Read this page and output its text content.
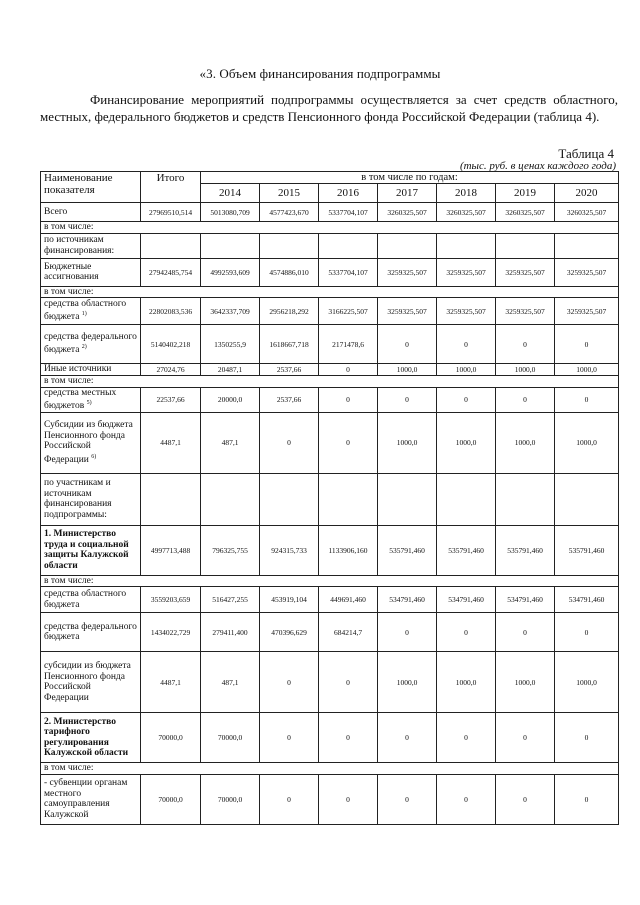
«3. Объем финансирования подпрограммы
Финансирование мероприятий подпрограммы осуществляется за счет средств областного, местных, федерального бюджетов и средств Пенсионного фонда Российской Федерации (таблица 4).
Таблица 4
(тыс. руб. в ценах каждого года)
Наименование показателя	Итого	в том числе по годам:						
		2014	2015	2016	2017	2018	2019	2020
Всего	27969510,514	5013080,709	4577423,670	5337704,107	3260325,507	3260325,507	3260325,507	3260325,507
в том числе:								
по источникам финансирования:								
Бюджетные ассигнования	27942485,754	4992593,609	4574886,010	5337704,107	3259325,507	3259325,507	3259325,507	3259325,507
в том числе:								
средства областного бюджета $^{1)}$	22802083,536	3642337,709	2956218,292	3166225,507	3259325,507	3259325,507	3259325,507	3259325,507
средства федерального бюджета $^{2)}$	5140402,218	1350255,9	1618667,718	2171478,6	0	0	0	0
Иные источники	27024,76	20487,1	2537,66	0	1000,0	1000,0	1000,0	1000,0
в том числе:								
средства местных бюджетов $^{5)}$	22537,66	20000,0	2537,66	0	0	0	0	0
Субсидии из бюджета Пенсионного фонда Российской Федерации $^{6)}$	4487,1	487,1	0	0	1000,0	1000,0	1000,0	1000,0
по участникам и источникам финансирования подпрограммы:								
1. Министерство труда и социальной защиты Калужской области	4997713,488	796325,755	924315,733	1133906,160	535791,460	535791,460	535791,460	535791,460
в том числе:								
средства областного бюджета	3559203,659	516427,255	453919,104	449691,460	534791,460	534791,460	534791,460	534791,460
средства федерального бюджета	1434022,729	279411,400	470396,629	684214,7	0	0	0	0
субсидии из бюджета Пенсионного фонда Российской Федерации	4487,1	487,1	0	0	1000,0	1000,0	1000,0	1000,0
2. Министерство тарифного регулирования Калужской области	70000,0	70000,0	0	0	0	0	0	0
в том числе:								
- субвенции органам местного самоуправления Калужской	70000,0	70000,0	0	0	0	0	0	0
